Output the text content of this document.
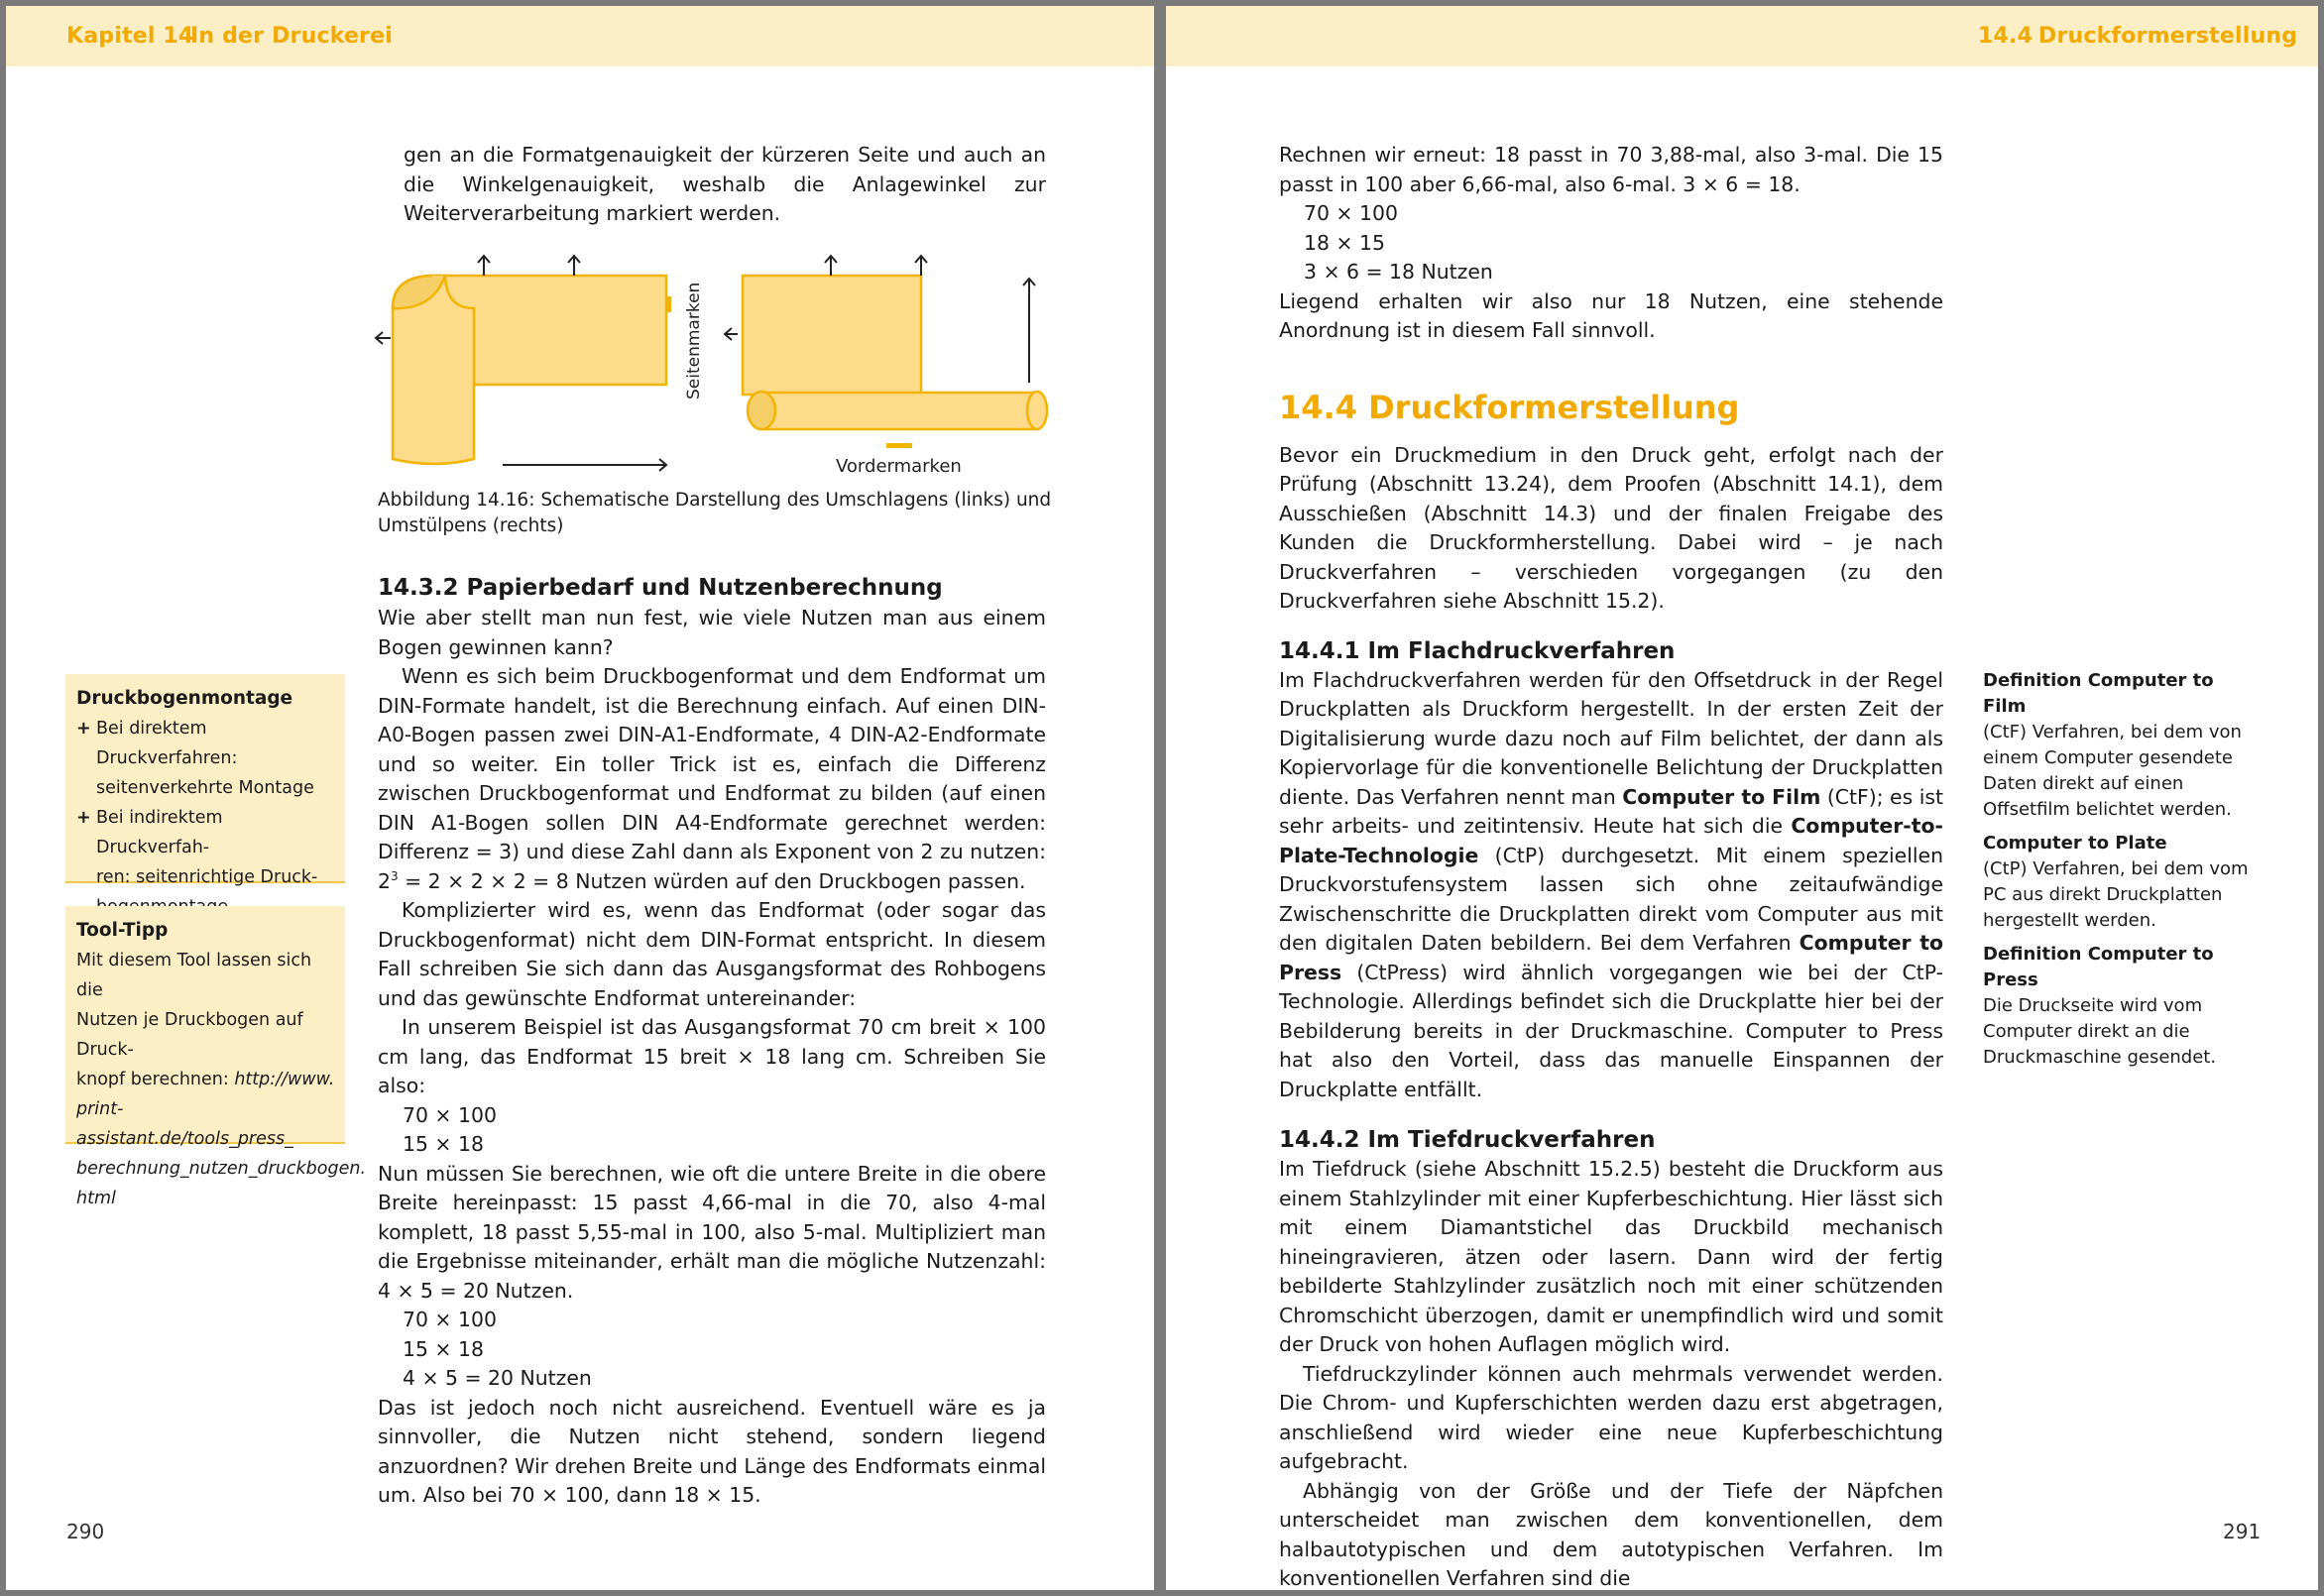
Kapitel 14
In der Druckerei

gen an die Formatgenauigkeit der kürzeren Seite und auch an die Winkelgenauigkeit, weshalb die Anlagewinkel zur Weiterverarbeitung markiert werden.

Seitenmarken
Vordermarken
Abbildung 14.16: Schematische Darstellung des Umschlagens (links) und
Umstülpens (rechts)
14.3.2 Papierbedarf und Nutzenberechnung

Wie aber stellt man nun fest, wie viele Nutzen man aus einem Bogen gewinnen kann?

Wenn es sich beim Druckbogenformat und dem Endformat um DIN-Formate handelt, ist die Berechnung einfach. Auf einen DIN-A0-Bogen passen zwei DIN-A1-Endformate, 4 DIN-A2-Endformate und so weiter. Ein toller Trick ist es, einfach die Differenz zwischen Druckbogenformat und Endformat zu bilden (auf einen DIN A1-Bogen sollen DIN A4-Endformate gerechnet werden: Differenz = 3) und diese Zahl dann als Exponent von 2 zu nutzen: $2^3 = 2 \times 2 \times 2 = 8$ Nutzen würden auf den Druckbogen passen.

Komplizierter wird es, wenn das Endformat (oder sogar das Druckbogenformat) nicht dem DIN-Format entspricht. In diesem Fall schreiben Sie sich dann das Ausgangsformat des Rohbogens und das gewünschte Endformat untereinander:

In unserem Beispiel ist das Ausgangsformat 70 cm breit × 100 cm lang, das Endformat 15 breit × 18 lang cm. Schreiben Sie also:

70 × 100
15 × 18

Nun müssen Sie berechnen, wie oft die untere Breite in die obere Breite hereinpasst: 15 passt 4,66-mal in die 70, also 4-mal komplett, 18 passt 5,55-mal in 100, also 5-mal. Multipliziert man die Ergebnisse miteinander, erhält man die mögliche Nutzenzahl: 4 × 5 = 20 Nutzen.

70 × 100
15 × 18
4 × 5 = 20 Nutzen

Das ist jedoch noch nicht ausreichend. Eventuell wäre es ja sinnvoller, die Nutzen nicht stehend, sondern liegend anzuordnen? Wir drehen Breite und Länge des Endformats einmal um. Also bei 70 × 100, dann 18 × 15.

Druckbogenmontage
+ Bei direktem Druckverfahren:
seitenverkehrte Montage
+ Bei indirektem Druckverfah-
ren: seitenrichtige Druck-
Tool-Tipp
Mit diesem Tool lassen sich die
Nutzen je Druckbogen auf Druck-
knopf berechnen: http://www.
print-assistant.de/tools_press_
berechnung_nutzen_druckbogen.
html
290
14.4 Druckformerstellung

Rechnen wir erneut: 18 passt in 70 3,88-mal, also 3-mal. Die 15 passt in 100 aber 6,66-mal, also 6-mal. 3 × 6 = 18.

70 × 100
18 × 15
3 × 6 = 18 Nutzen

Liegend erhalten wir also nur 18 Nutzen, eine stehende Anordnung ist in diesem Fall sinnvoll.

14.4 Druckformerstellung

Bevor ein Druckmedium in den Druck geht, erfolgt nach der Prüfung (Abschnitt 13.24), dem Proofen (Abschnitt 14.1), dem Ausschießen (Abschnitt 14.3) und der finalen Freigabe des Kunden die Druckformherstellung. Dabei wird – je nach Druckverfahren – verschieden vorgegangen (zu den Druckverfahren siehe Abschnitt 15.2).

14.4.1 Im Flachdruckverfahren

Im Flachdruckverfahren werden für den Offsetdruck in der Regel Druckplatten als Druckform hergestellt. In der ersten Zeit der Digitalisierung wurde dazu noch auf Film belichtet, der dann als Kopiervorlage für die konventionelle Belichtung der Druckplatten diente. Das Verfahren nennt man Computer to Film (CtF); es ist sehr arbeits- und zeitintensiv. Heute hat sich die Computer-to-Plate-Technologie (CtP) durchgesetzt. Mit einem speziellen Druckvorstufensystem lassen sich ohne zeitaufwändige Zwischenschritte die Druckplatten direkt vom Computer aus mit den digitalen Daten bebildern. Bei dem Verfahren Computer to Press (CtPress) wird ähnlich vorgegangen wie bei der CtP-Technologie. Allerdings befindet sich die Druckplatte hier bei der Bebilderung bereits in der Druckmaschine. Computer to Press hat also den Vorteil, dass das manuelle Einspannen der Druckplatte entfällt.

14.4.2 Im Tiefdruckverfahren

Im Tiefdruck (siehe Abschnitt 15.2.5) besteht die Druckform aus einem Stahlzylinder mit einer Kupferbeschichtung. Hier lässt sich mit einem Diamantstichel das Druckbild mechanisch hineingravieren, ätzen oder lasern. Dann wird der fertig bebilderte Stahlzylinder zusätzlich noch mit einer schützenden Chromschicht überzogen, damit er unempfindlich wird und somit der Druck von hohen Auflagen möglich wird.

Tiefdruckzylinder können auch mehrmals verwendet werden. Die Chrom- und Kupferschichten werden dazu erst abgetragen, anschließend wird wieder eine neue Kupferbeschichtung aufgebracht.

Abhängig von der Größe und der Tiefe der Näpfchen unterscheidet man zwischen dem konventionellen, dem halbautotypischen und dem autotypischen Verfahren. Im konventionellen Verfahren sind die

Definition Computer to Film
(CtF) Verfahren, bei dem von einem Computer gesendete Daten direkt auf einen Offsetfilm belichtet werden.
Computer to Plate
(CtP) Verfahren, bei dem vom PC aus direkt Druckplatten hergestellt werden.
Definition Computer to Press
Die Druckseite wird vom Computer direkt an die Druckmaschine gesendet.
291
